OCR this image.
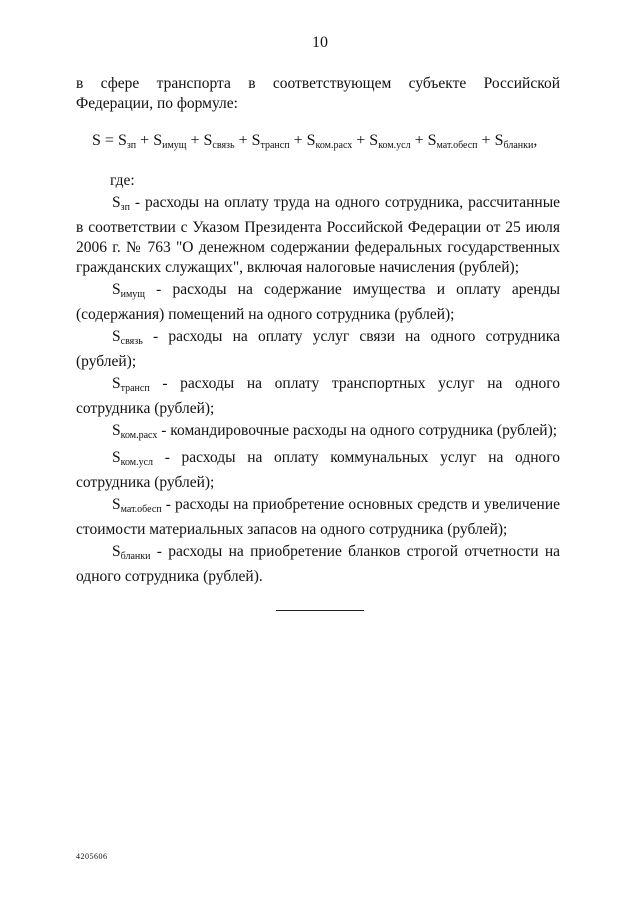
10
в сфере транспорта в соответствующем субъекте Российской Федерации, по формуле:
$S = S_{зп} + S_{имущ} + S_{связь} + S_{трансп} + S_{ком.расх} + S_{ком.усл} + S_{мат.обесп} + S_{бланки}$,
где:

$S_{зп}$ - расходы на оплату труда на одного сотрудника, рассчитанные в соответствии с Указом Президента Российской Федерации от 25 июля 2006 г. № 763 "О денежном содержании федеральных государственных гражданских служащих", включая налоговые начисления (рублей);

$S_{имущ}$ - расходы на содержание имущества и оплату аренды (содержания) помещений на одного сотрудника (рублей);

$S_{связь}$ - расходы на оплату услуг связи на одного сотрудника (рублей);

$S_{трансп}$ - расходы на оплату транспортных услуг на одного сотрудника (рублей);

$S_{ком.расх}$ - командировочные расходы на одного сотрудника (рублей);

$S_{ком.усл}$ - расходы на оплату коммунальных услуг на одного сотрудника (рублей);

$S_{мат.обесп}$ - расходы на приобретение основных средств и увеличение стоимости материальных запасов на одного сотрудника (рублей);

$S_{бланки}$ - расходы на приобретение бланков строгой отчетности на одного сотрудника (рублей).

4205606
